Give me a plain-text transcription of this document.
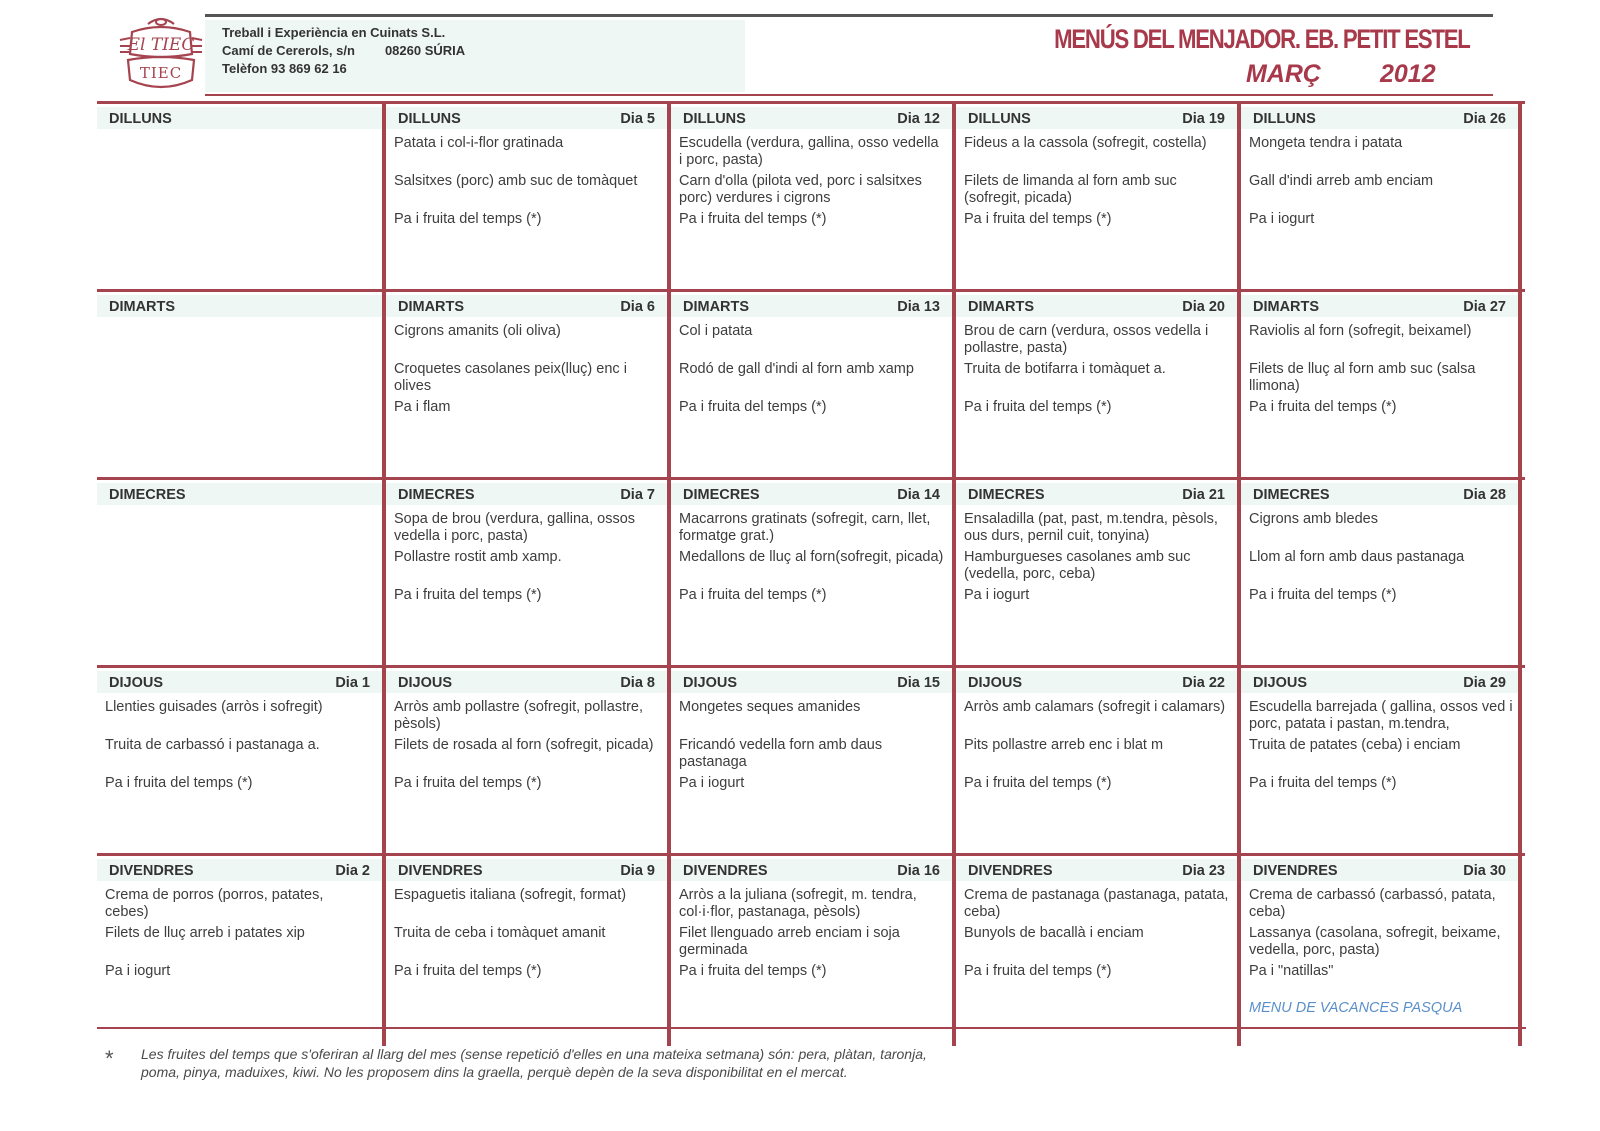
El TIEC
TIEC
Treball i Experiència en Cuinats S.L.
Camí de Cererols, s/n 08260 SÚRIA
Telèfon 93 869 62 16
MENÚS DEL MENJADOR. EB. PETIT ESTEL
MARÇ 2012
DILLUNS	DILLUNS	Dia 5
Patata i col-i-flor gratinada
Salsitxes (porc) amb suc de tomàquet
Pa i fruita del temps (*)
DILLUNS	Dia 12
Escudella (verdura, gallina, osso vedella i porc, pasta)
Carn d'olla (pilota ved, porc i salsitxes porc) verdures i cigrons
Pa i fruita del temps (*)
DILLUNS	Dia 19
Fideus a la cassola (sofregit, costella)
Filets de limanda al forn amb suc (sofregit, picada)
Pa i fruita del temps (*)
DILLUNS	Dia 26
Mongeta tendra i patata
Gall d'indi arreb amb enciam
Pa i iogurt
DIMARTS	DIMARTS	Dia 6
Cigrons amanits (oli oliva)
Croquetes casolanes peix(lluç) enc i olives
Pa i flam
DIMARTS	Dia 13
Col i patata
Rodó de gall d'indi al forn amb xamp
Pa i fruita del temps (*)
DIMARTS	Dia 20
Brou de carn (verdura, ossos vedella i pollastre, pasta)
Truita de botifarra i tomàquet a.
Pa i fruita del temps (*)
DIMARTS	Dia 27
Raviolis al forn (sofregit, beixamel)
Filets de lluç al forn amb suc (salsa llimona)
Pa i fruita del temps (*)
DIMECRES	DIMECRES	Dia 7
Sopa de brou (verdura, gallina, ossos vedella i porc, pasta)
Pollastre rostit amb xamp.
Pa i fruita del temps (*)
DIMECRES	Dia 14
Macarrons gratinats (sofregit, carn, llet, formatge grat.)
Medallons de lluç al forn(sofregit, picada)
Pa i fruita del temps (*)
DIMECRES	Dia 21
Ensaladilla (pat, past, m.tendra, pèsols, ous durs, pernil cuit, tonyina)
Hamburgueses casolanes amb suc (vedella, porc, ceba)
Pa i iogurt
DIMECRES	Dia 28
Cigrons amb bledes
Llom al forn amb daus pastanaga
Pa i fruita del temps (*)
DIJOUS	Dia 1
Llenties guisades (arròs i sofregit)
Truita de carbassó i pastanaga a.
Pa i fruita del temps (*)
DIJOUS	Dia 8
Arròs amb pollastre (sofregit, pollastre, pèsols)
Filets de rosada al forn (sofregit, picada)
Pa i fruita del temps (*)
DIJOUS	Dia 15
Mongetes seques amanides
Fricandó vedella forn amb daus pastanaga
Pa i iogurt
DIJOUS	Dia 22
Arròs amb calamars (sofregit i calamars)
Pits pollastre arreb enc i blat m
Pa i fruita del temps (*)
DIJOUS	Dia 29
Escudella barrejada ( gallina, ossos ved i porc, patata i pastan, m.tendra,
Truita de patates (ceba) i enciam
Pa i fruita del temps (*)
DIVENDRES	Dia 2
Crema de porros (porros, patates, cebes)
Filets de lluç arreb i patates xip
Pa i iogurt
DIVENDRES	Dia 9
Espaguetis italiana (sofregit, format)
Truita de ceba i tomàquet amanit
Pa i fruita del temps (*)
DIVENDRES	Dia 16
Arròs a la juliana (sofregit, m. tendra, col·i·flor, pastanaga, pèsols)
Filet llenguado arreb enciam i soja germinada
Pa i fruita del temps (*)
DIVENDRES	Dia 23
Crema de pastanaga (pastanaga, patata, ceba)
Bunyols de bacallà i enciam
Pa i fruita del temps (*)
DIVENDRES	Dia 30
Crema de carbassó (carbassó, patata, ceba)
Lassanya (casolana, sofregit, beixame, vedella, porc, pasta)
Pa i "natillas"
MENU DE VACANCES PASQUA
* Les fruites del temps que s'oferiran al llarg del mes (sense repetició d'elles en una mateixa setmana) són: pera, plàtan, taronja, poma, pinya, maduixes, kiwi. No les proposem dins la graella, perquè depèn de la seva disponibilitat en el mercat.
